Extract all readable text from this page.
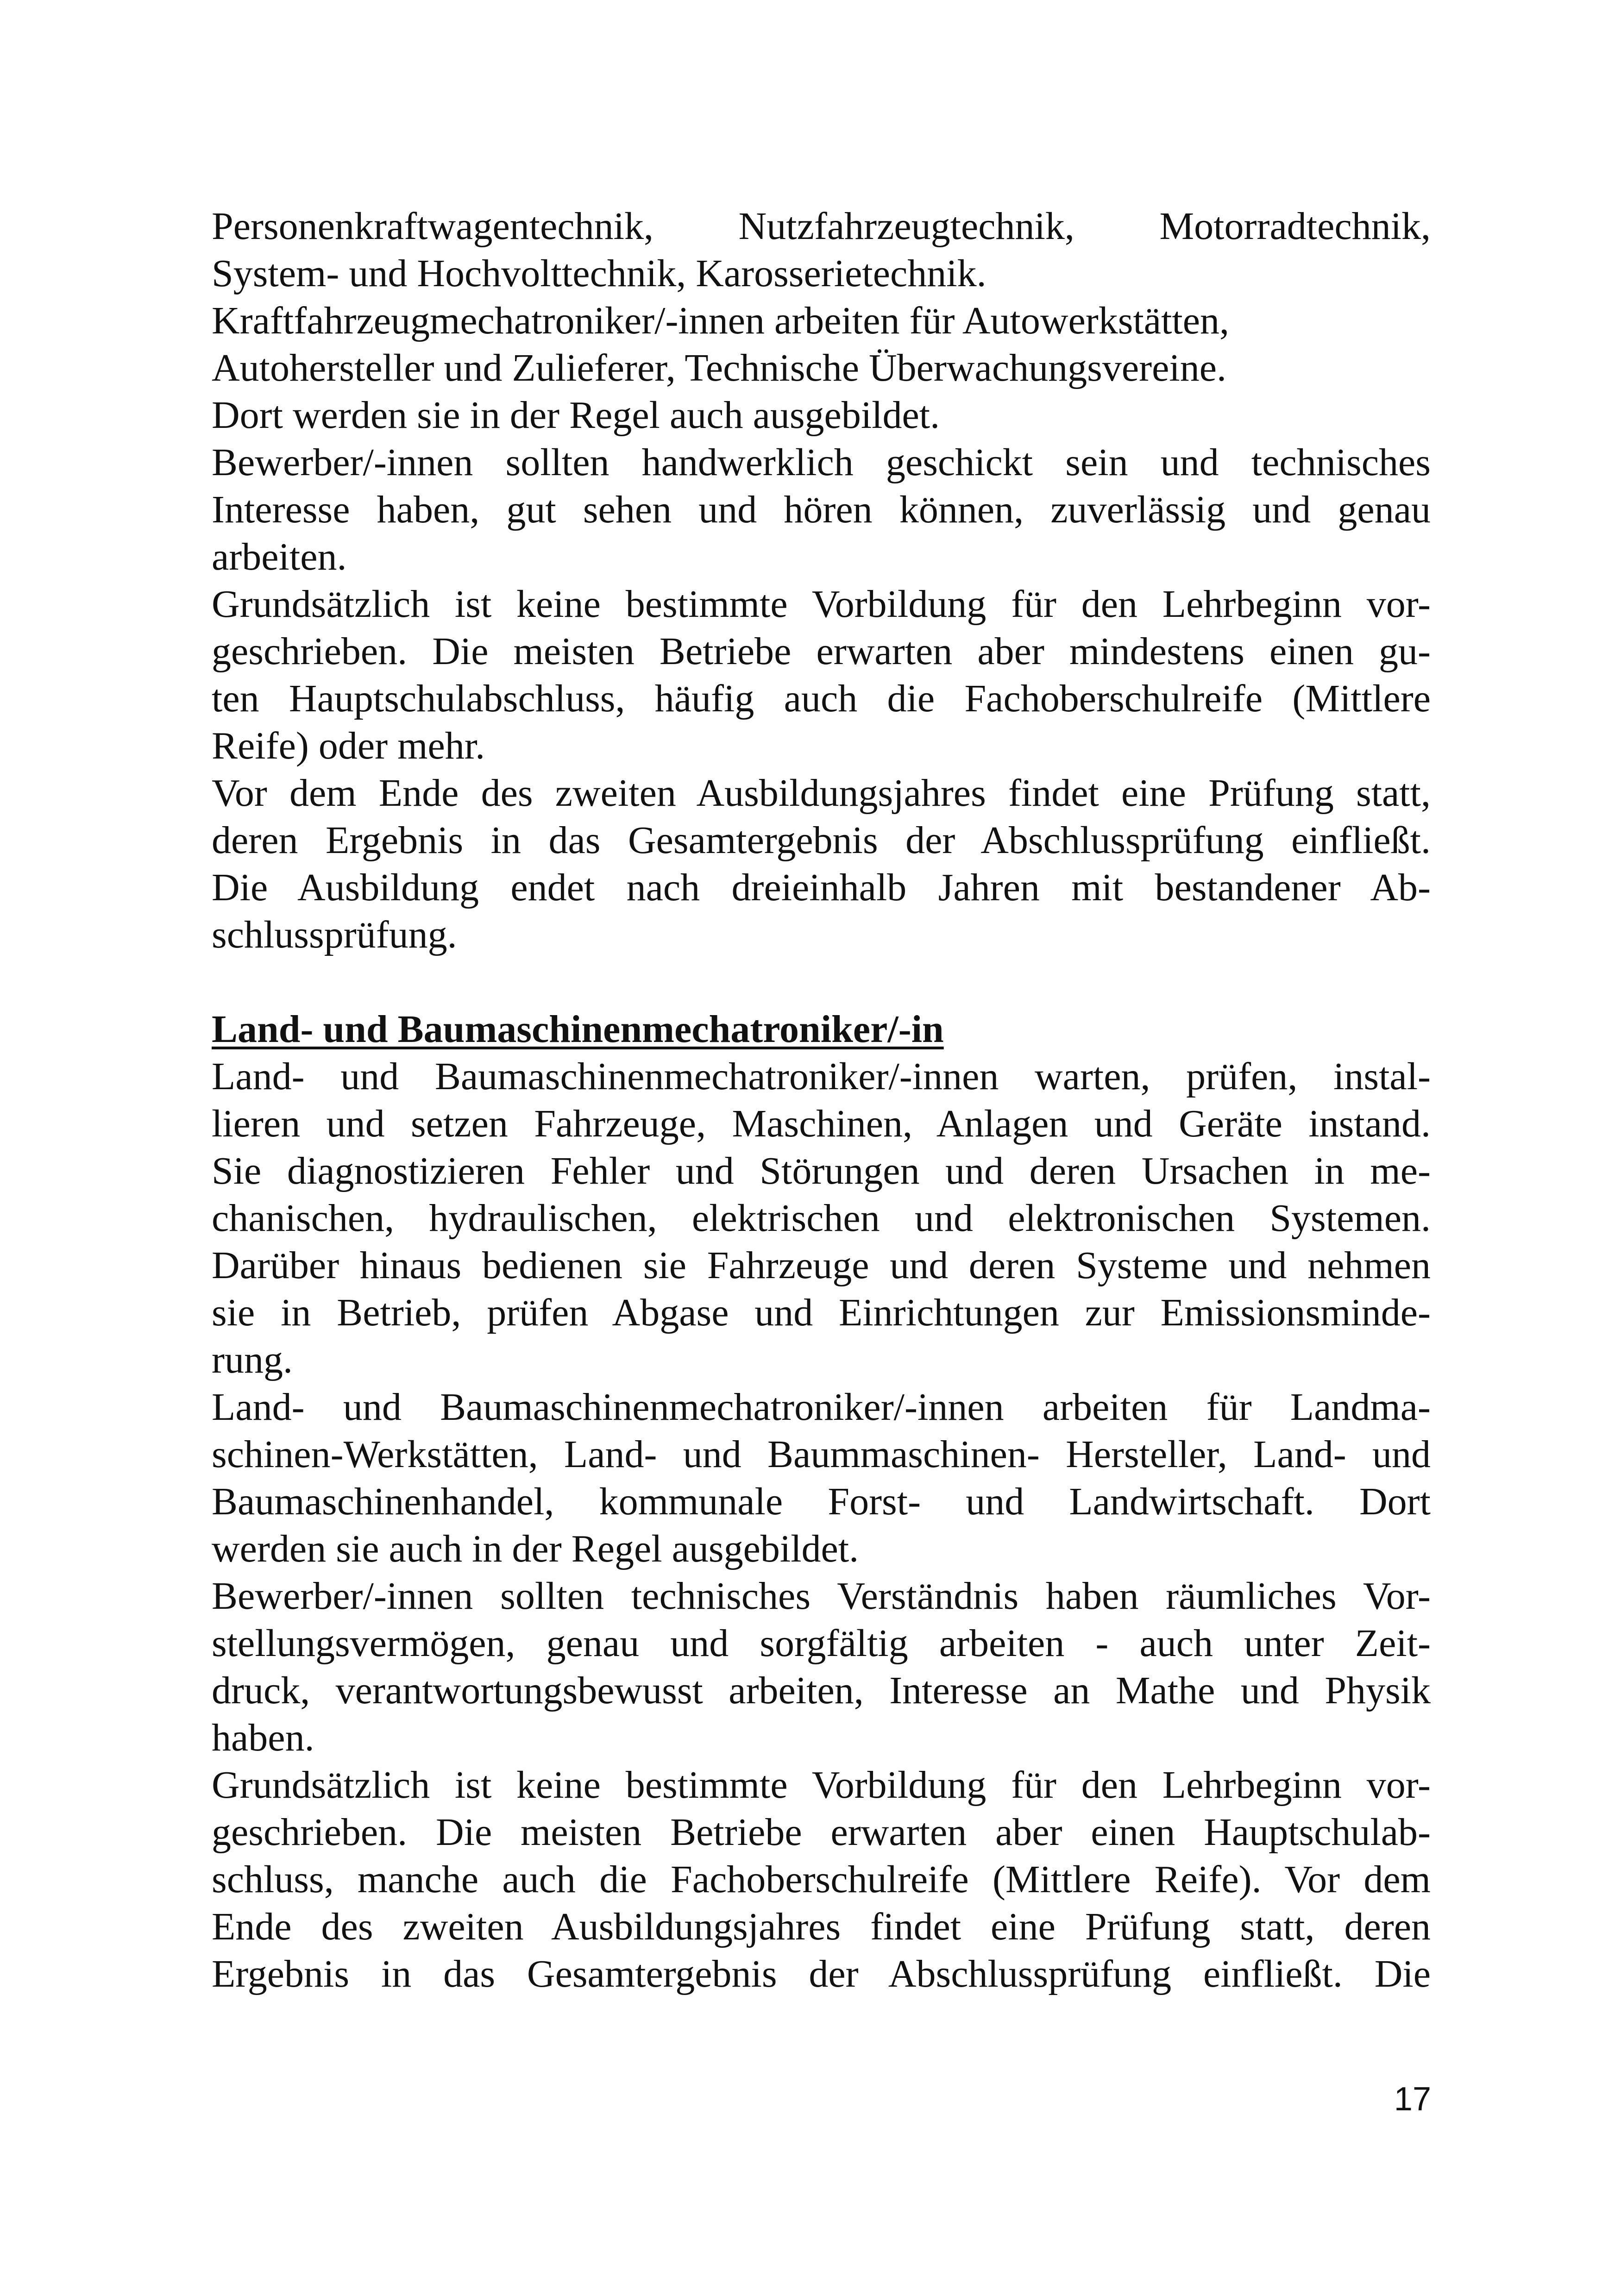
Personenkraftwagentechnik, Nutzfahrzeugtechnik, Motorradtechnik,
System- und Hochvolttechnik, Karosserietechnik.
Kraftfahrzeugmechatroniker/-innen arbeiten für Autowerkstätten,
Autohersteller und Zulieferer, Technische Überwachungsvereine.
Dort werden sie in der Regel auch ausgebildet.
Bewerber/-innen sollten handwerklich geschickt sein und technisches
Interesse haben, gut sehen und hören können, zuverlässig und genau
arbeiten.
Grundsätzlich ist keine bestimmte Vorbildung für den Lehrbeginn vor-
geschrieben. Die meisten Betriebe erwarten aber mindestens einen gu-
ten Hauptschulabschluss, häufig auch die Fachoberschulreife (Mittlere
Reife) oder mehr.
Vor dem Ende des zweiten Ausbildungsjahres findet eine Prüfung statt,
deren Ergebnis in das Gesamtergebnis der Abschlussprüfung einfließt.
Die Ausbildung endet nach dreieinhalb Jahren mit bestandener Ab-
schlussprüfung.
Land- und Baumaschinenmechatroniker/-in
Land- und Baumaschinenmechatroniker/-innen warten, prüfen, instal-
lieren und setzen Fahrzeuge, Maschinen, Anlagen und Geräte instand.
Sie diagnostizieren Fehler und Störungen und deren Ursachen in me-
chanischen, hydraulischen, elektrischen und elektronischen Systemen.
Darüber hinaus bedienen sie Fahrzeuge und deren Systeme und nehmen
sie in Betrieb, prüfen Abgase und Einrichtungen zur Emissionsminde-
rung.
Land- und Baumaschinenmechatroniker/-innen arbeiten für Landma-
schinen-Werkstätten, Land- und Baummaschinen- Hersteller, Land- und
Baumaschinenhandel, kommunale Forst- und Landwirtschaft. Dort
werden sie auch in der Regel ausgebildet.
Bewerber/-innen sollten technisches Verständnis haben räumliches Vor-
stellungsvermögen, genau und sorgfältig arbeiten - auch unter Zeit-
druck, verantwortungsbewusst arbeiten, Interesse an Mathe und Physik
haben.
Grundsätzlich ist keine bestimmte Vorbildung für den Lehrbeginn vor-
geschrieben. Die meisten Betriebe erwarten aber einen Hauptschulab-
schluss, manche auch die Fachoberschulreife (Mittlere Reife). Vor dem
Ende des zweiten Ausbildungsjahres findet eine Prüfung statt, deren
Ergebnis in das Gesamtergebnis der Abschlussprüfung einfließt. Die
17
